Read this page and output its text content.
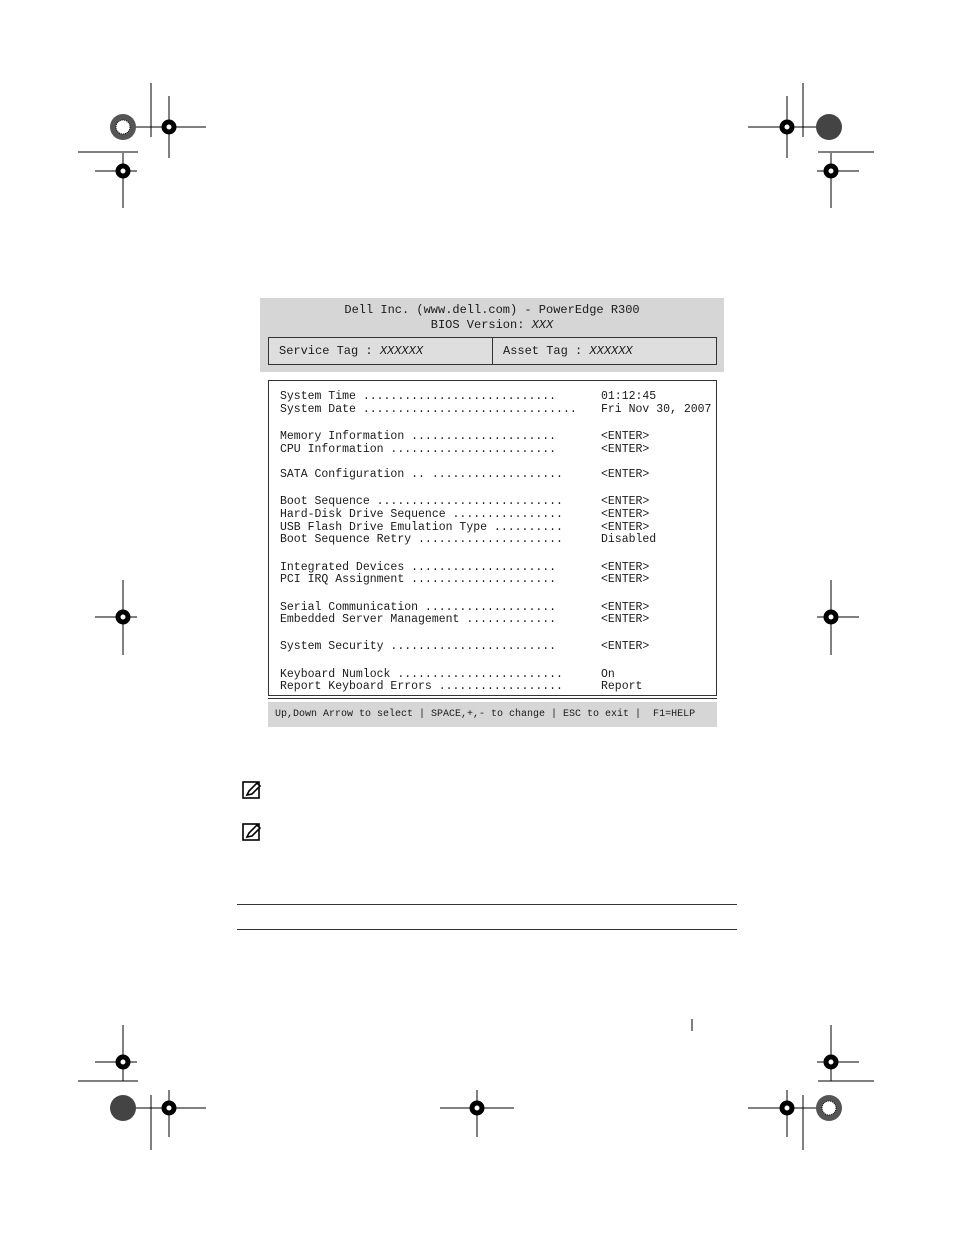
Dell Inc. (www.dell.com) - PowerEdge R300
BIOS Version: XXX
Service Tag : XXXXXX	Asset Tag : XXXXXX
System Time ............................	01:12:45
System Date ............................... Fri Nov 30, 2007
Memory Information .....................	<ENTER>
CPU Information ........................	<ENTER>
SATA Configuration .. ...................	<ENTER>
Boot Sequence ...........................	<ENTER>
Hard-Disk Drive Sequence ................	<ENTER>
USB Flash Drive Emulation Type ..........	<ENTER>
Boot Sequence Retry .....................	Disabled
Integrated Devices .....................	<ENTER>
PCI IRQ Assignment .....................	<ENTER>
Serial Communication ...................	<ENTER>
Embedded Server Management .............	<ENTER>
System Security ........................	<ENTER>
Keyboard Numlock ........................	On
Report Keyboard Errors ..................	Report
Up,Down Arrow to select | SPACE,+,- to change | ESC to exit |  F1=HELP
